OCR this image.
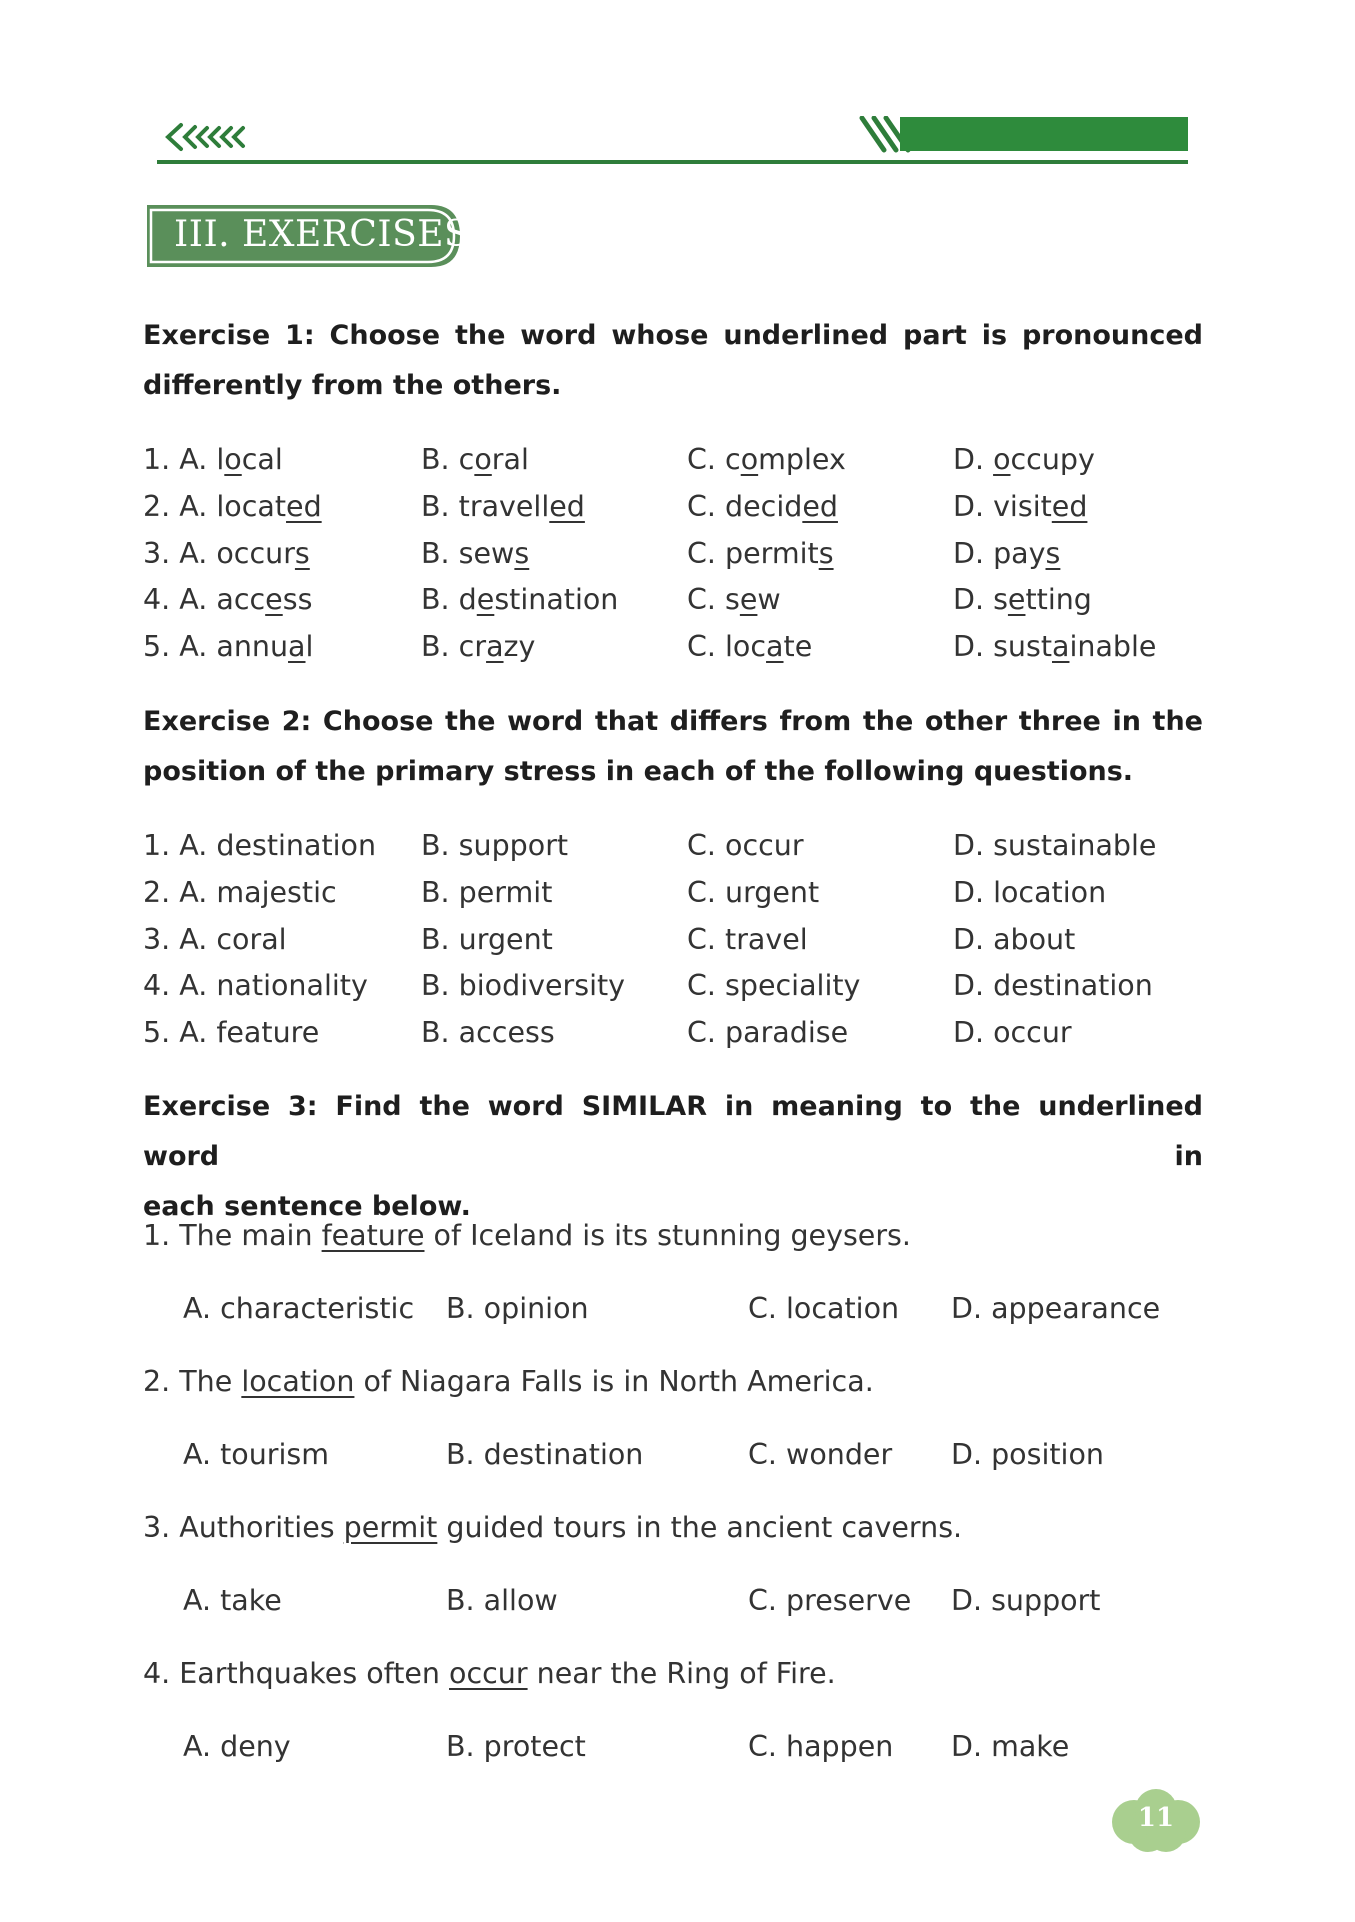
III. EXERCISES
Exercise 1: Choose the word whose underlined part is pronounced
differently from the others.
1. A. local	B. coral	C. complex	D. occupy
2. A. located	B. travelled	C. decided	D. visited
3. A. occurs	B. sews	C. permits	D. pays
4. A. access	B. destination C. sew	D. setting
5. A. annual	B. crazy	C. locate	D. sustainable
Exercise 2: Choose the word that differs from the other three in the
position of the primary stress in each of the following questions.
1. A. destination B. support	C. occur	D. sustainable
2. A. majestic	B. permit	C. urgent	D. location
3. A. coral	B. urgent	C. travel	D. about
4. A. nationality B. biodiversity C. speciality	D. destination
5. A. feature	B. access	C. paradise	D. occur
Exercise 3: Find the word SIMILAR in meaning to the underlined word in
each sentence below.
1. The main feature of Iceland is its stunning geysers.
A. characteristic B. opinion	C. location D. appearance
2. The location of Niagara Falls is in North America.
A. tourism	B. destination	C. wonder D. position
3. Authorities permit guided tours in the ancient caverns.
A. take	B. allow	C. preserve D. support
4. Earthquakes often occur near the Ring of Fire.
A. deny	B. protect	C. happen D. make
11
